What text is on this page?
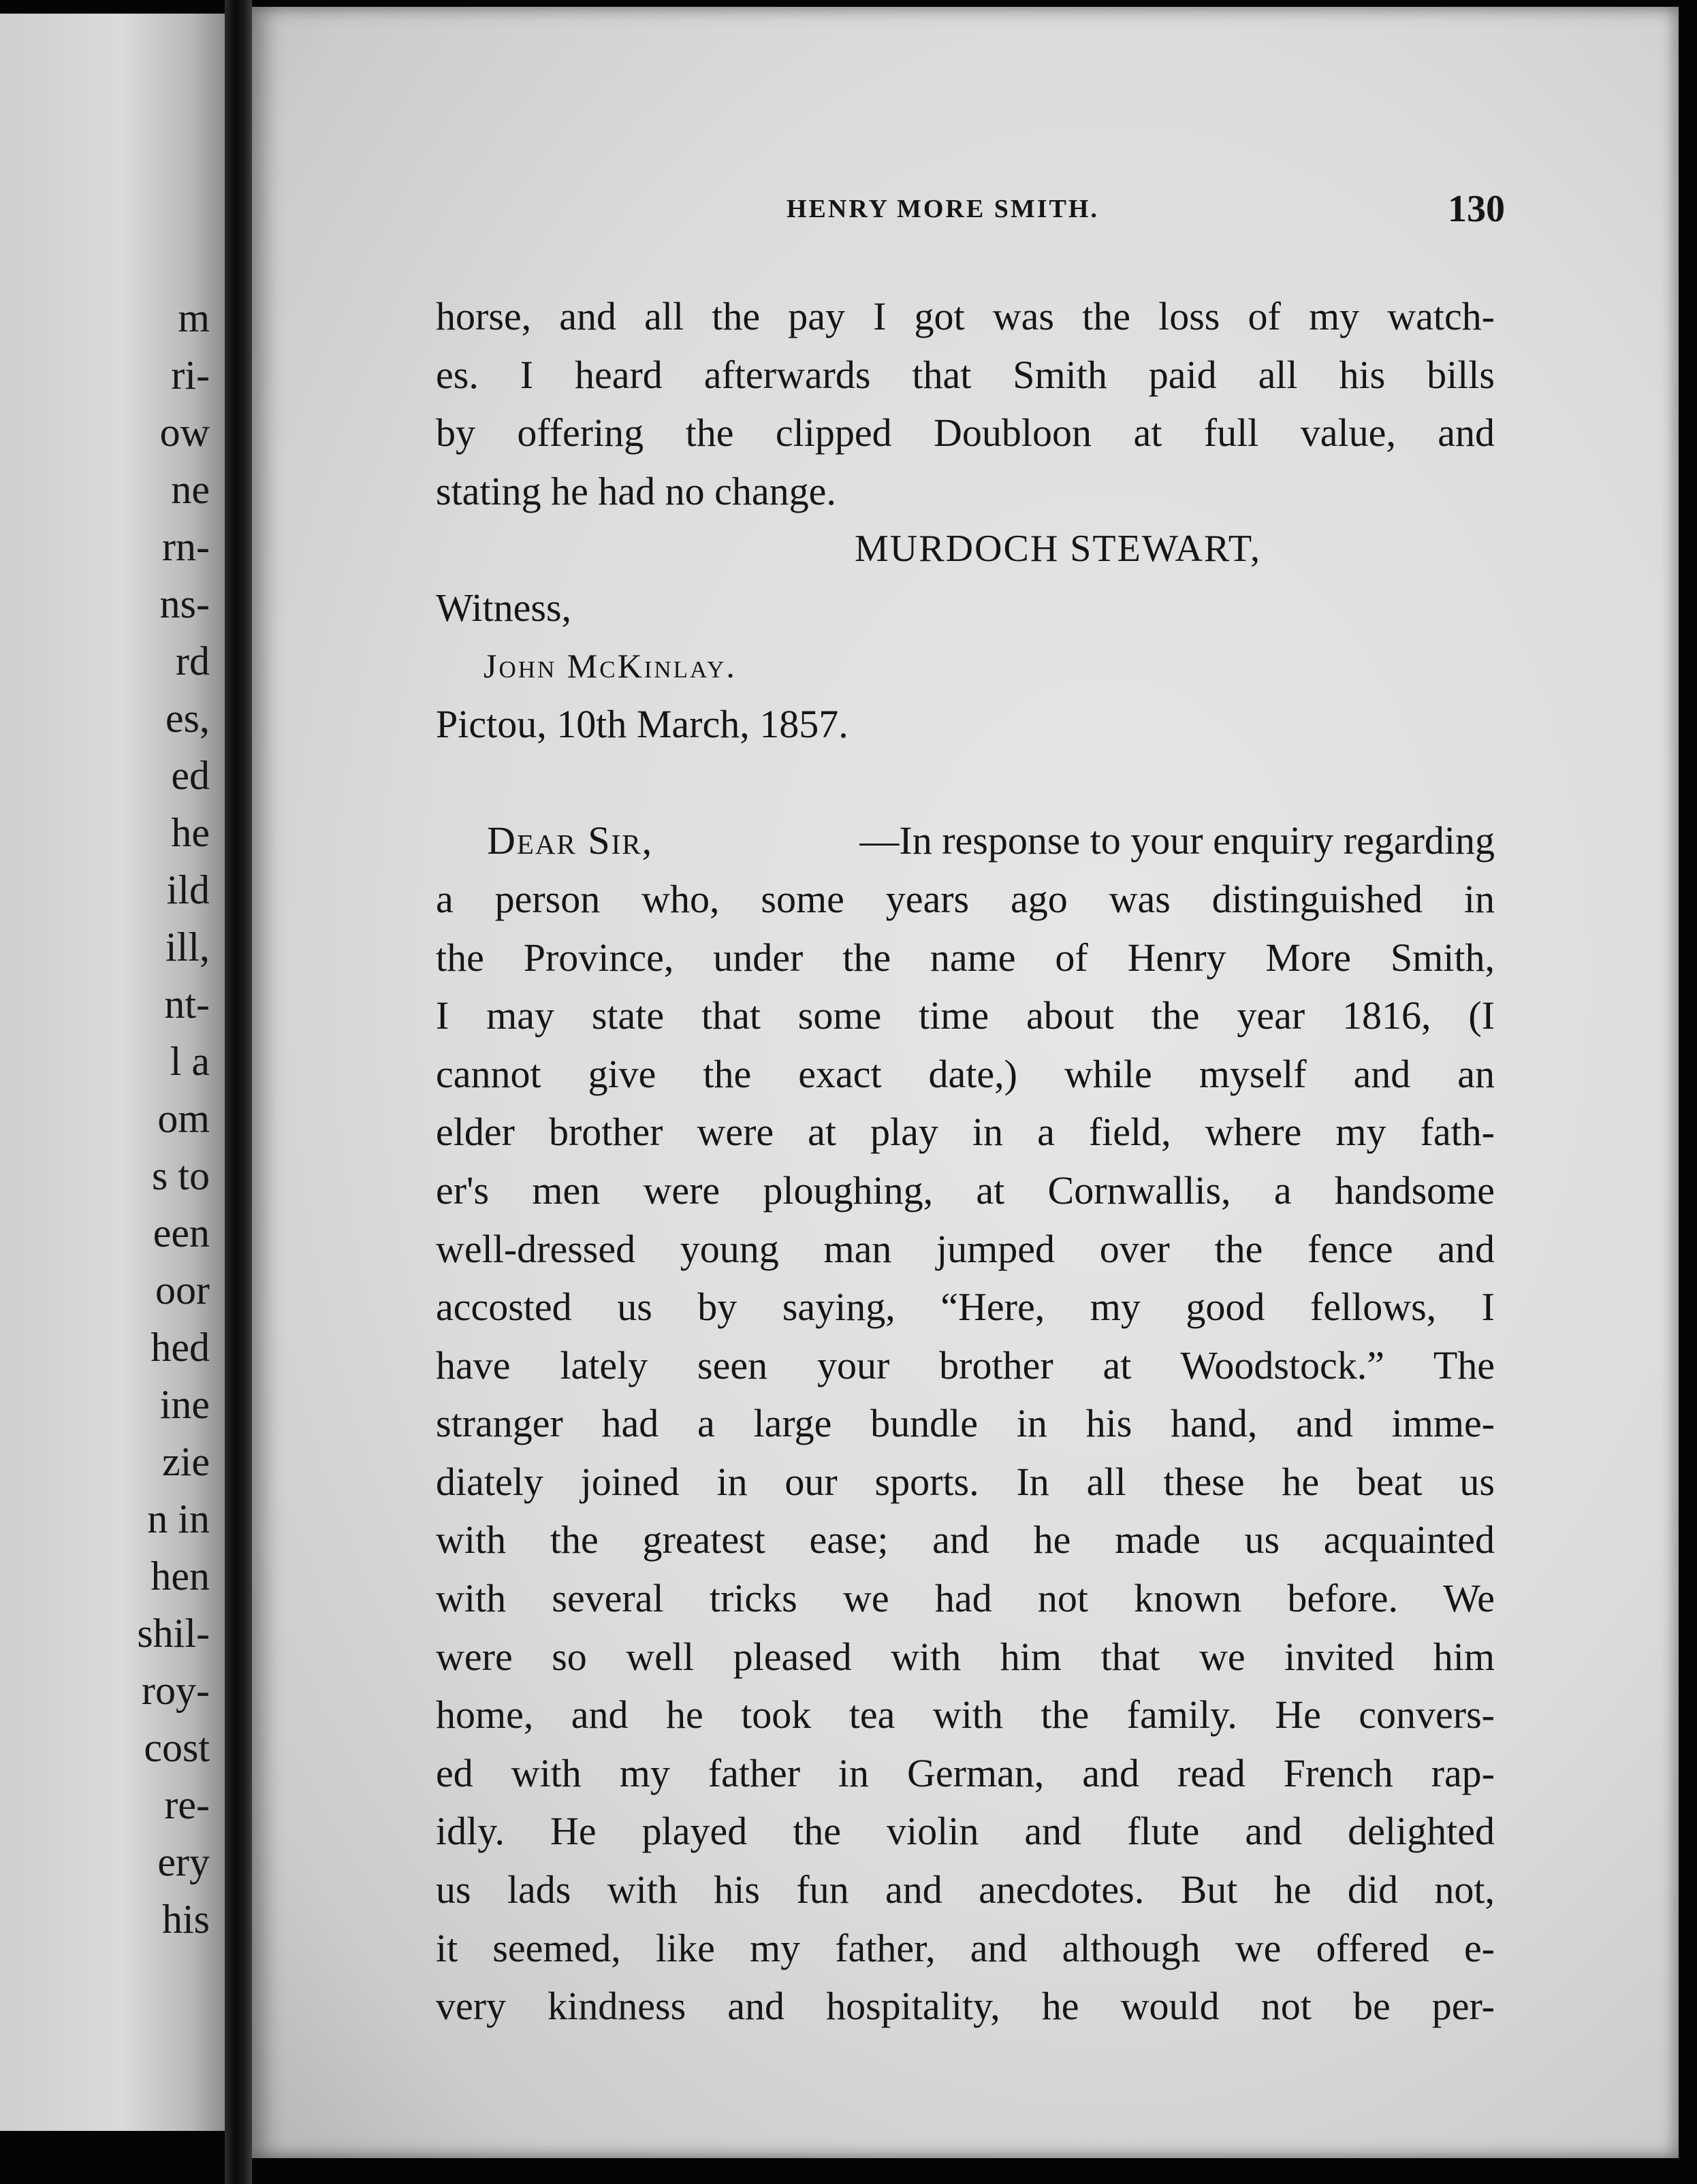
m
ri-
ow
ne
rn-
ns-
rd
es,
ed
he
ild
ill,
nt-
l a
om
s to
een
oor
hed
ine
zie
n in
hen
shil-
roy-
cost
re-
ery
his
HENRY MORE SMITH.	130
horse, and all the pay I got was the loss of my watch-
es. I heard afterwards that Smith paid all his bills
by offering the clipped Doubloon at full value, and
stating he had no change.
MURDOCH STEWART,
Witness,
John McKinlay.
Pictou, 10th March, 1857.
Dear Sir,	—In response to your enquiry regarding
a person who, some years ago was distinguished in
the Province, under the name of Henry More Smith,
I may state that some time about the year 1816, (I
cannot give the exact date,) while myself and an
elder brother were at play in a field, where my fath-
er's men were ploughing, at Cornwallis, a handsome
well-dressed young man jumped over the fence and
accosted us by saying, “Here, my good fellows, I
have lately seen your brother at Woodstock.” The
stranger had a large bundle in his hand, and imme-
diately joined in our sports. In all these he beat us
with the greatest ease; and he made us acquainted
with several tricks we had not known before. We
were so well pleased with him that we invited him
home, and he took tea with the family. He convers-
ed with my father in German, and read French rap-
idly. He played the violin and flute and delighted
us lads with his fun and anecdotes. But he did not,
it seemed, like my father, and although we offered e-
very kindness and hospitality, he would not be per-
